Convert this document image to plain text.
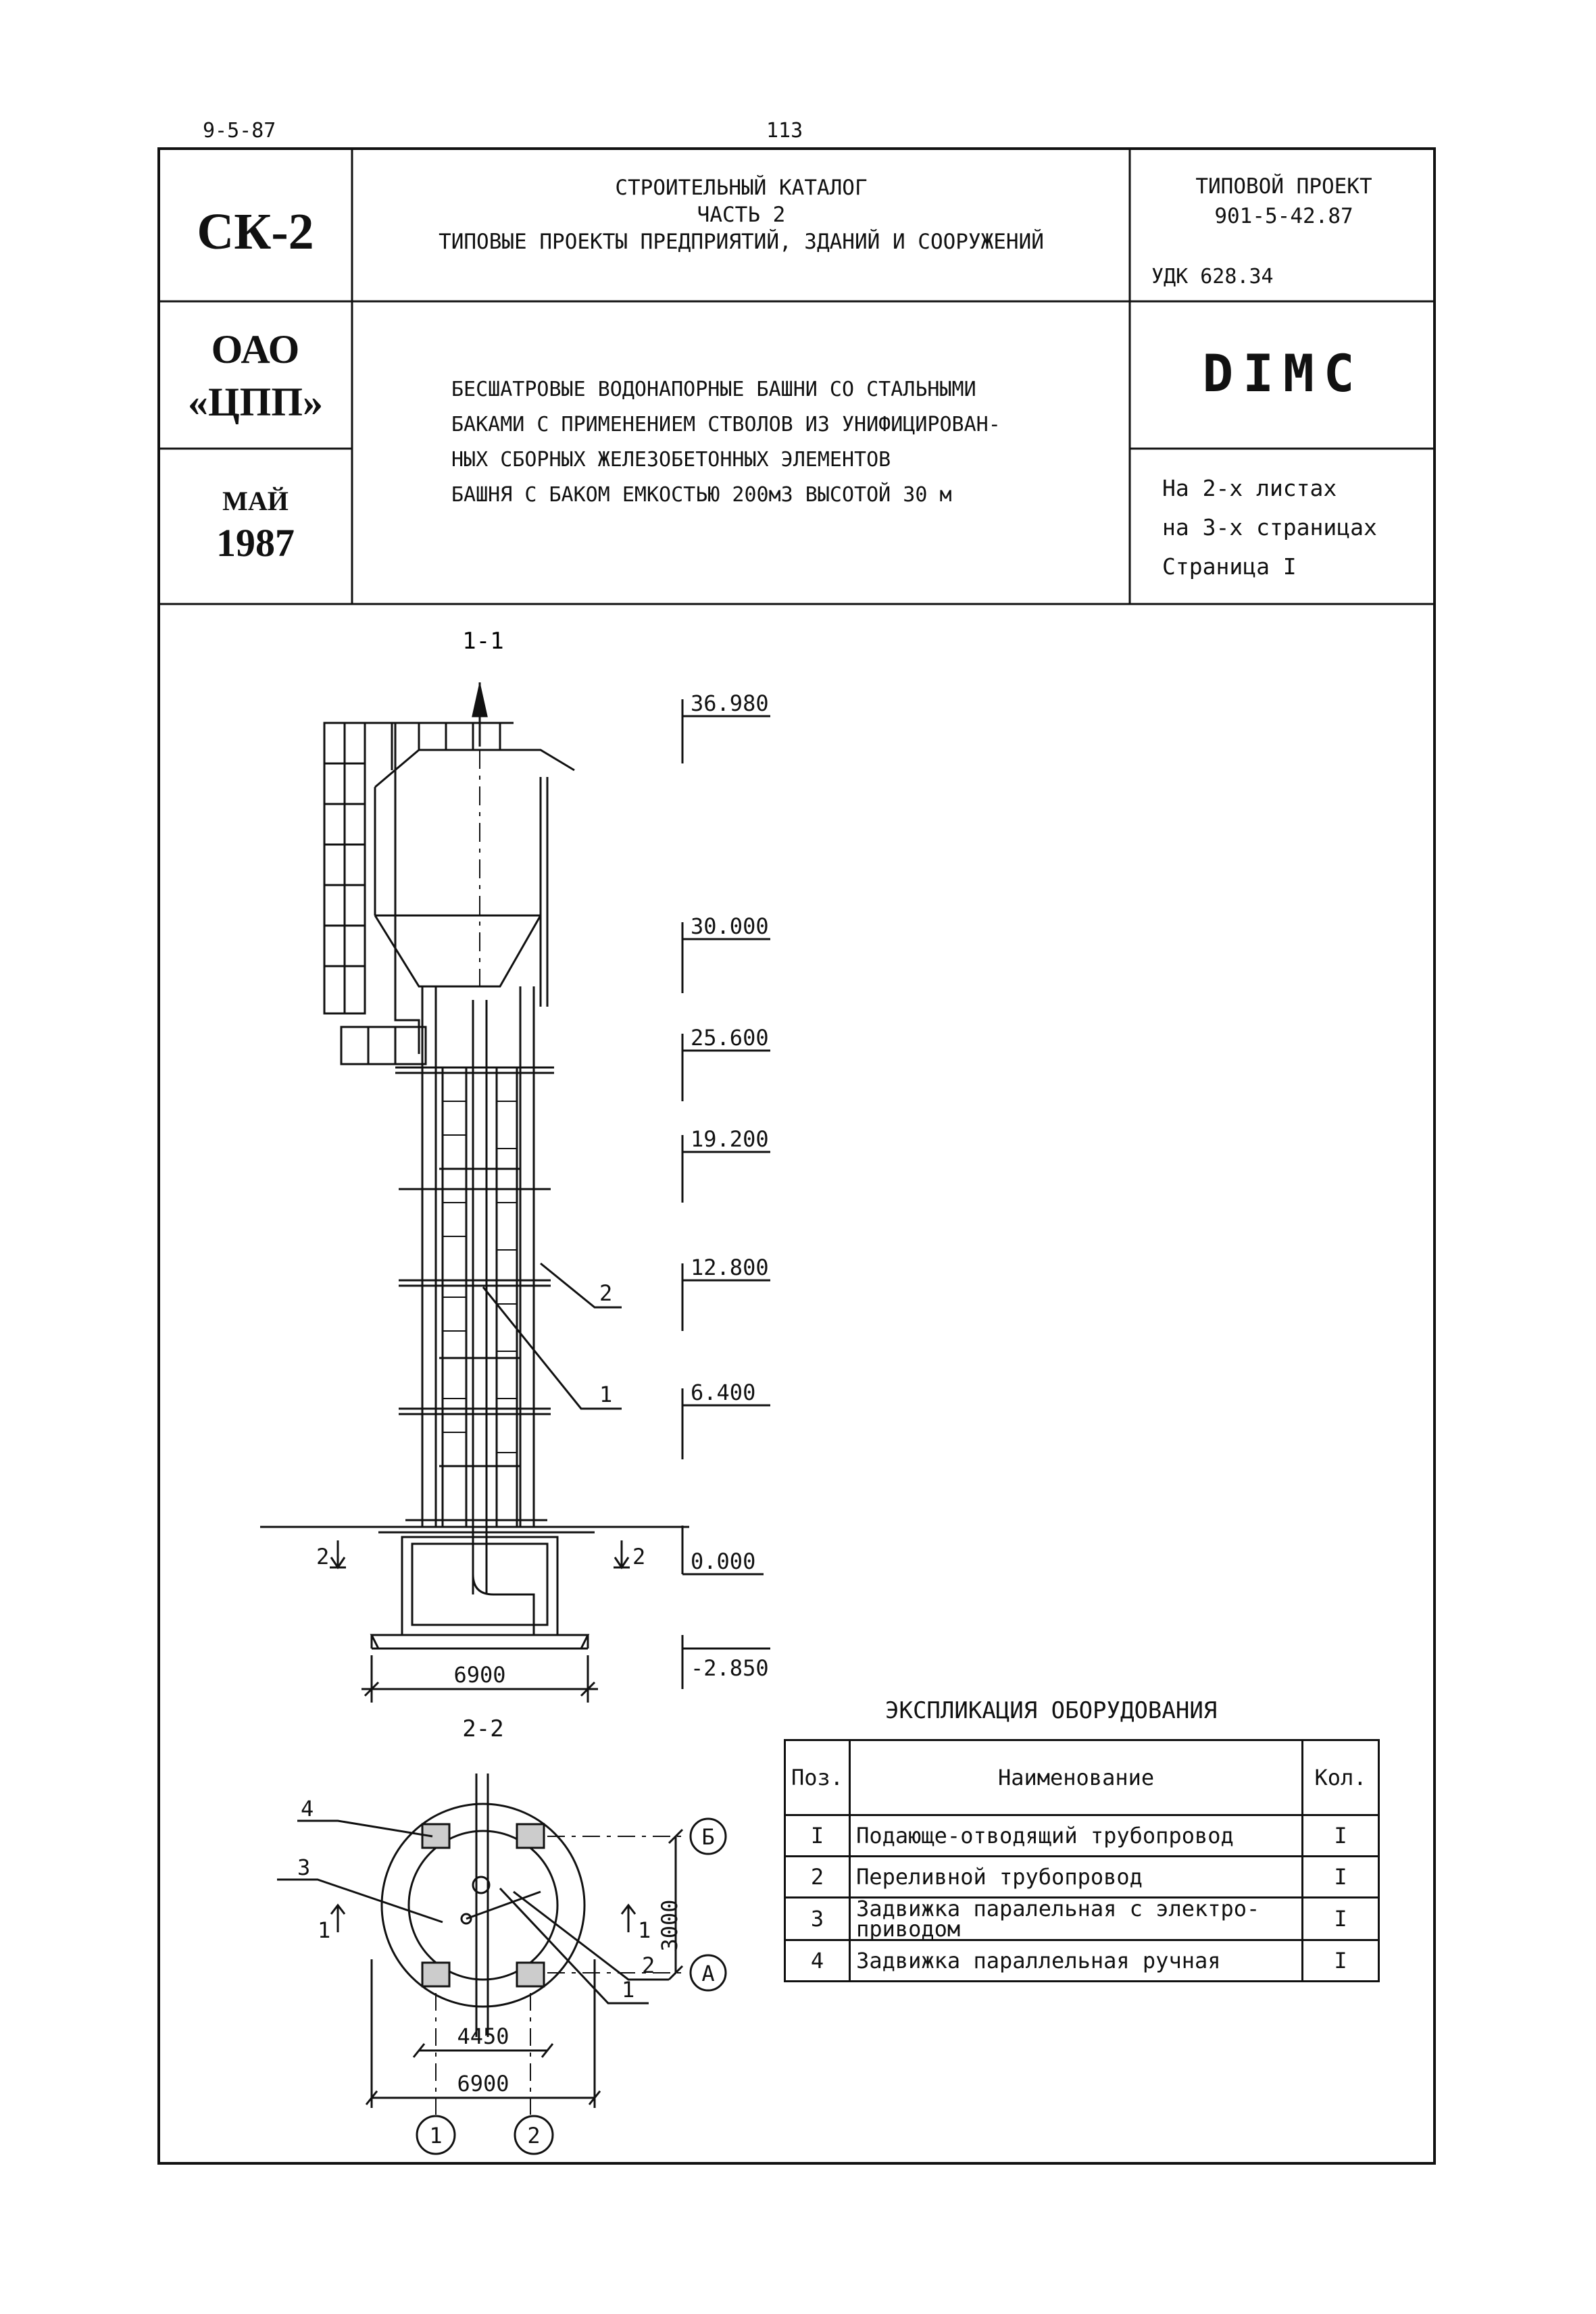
9-5-87	113
СК-2
СТРОИТЕЛЬНЫЙ КАТАЛОГ
ЧАСТЬ 2
ТИПОВЫЕ ПРОЕКТЫ ПРЕДПРИЯТИЙ, ЗДАНИЙ И СООРУЖЕНИЙ
ТИПОВОЙ ПРОЕКТ
901-5-42.87
УДК 628.34
ОАО
«ЦПП»
МАЙ
1987
БЕСШАТРОВЫЕ ВОДОНАПОРНЫЕ БАШНИ СО СТАЛЬНЫМИ
БАКАМИ С ПРИМЕНЕНИЕМ СТВОЛОВ ИЗ УНИФИЦИРОВАН-
НЫХ СБОРНЫХ ЖЕЛЕЗОБЕТОННЫХ ЭЛЕМЕНТОВ
БАШНЯ С БАКОМ ЕМКОСТЬЮ 200м3 ВЫСОТОЙ 30 м
DIMC
На 2-х листах
на 3-х страницах
Страница I
1-1
36.980
30.000
25.600
19.200
12.800
6.400
0.000
-2.850
2
1
2	2
6900
2-2
4
3
2
1
1	1
Б
А
1	2
4450
6900
3000
ЭКСПЛИКАЦИЯ ОБОРУДОВАНИЯ
Поз.	Наименование	Кол.
I	Подающе-отводящий трубопровод	I
2	Переливной трубопровод	I
3	Задвижка паралельная с электро-приводом	I
4	Задвижка параллельная ручная	I
